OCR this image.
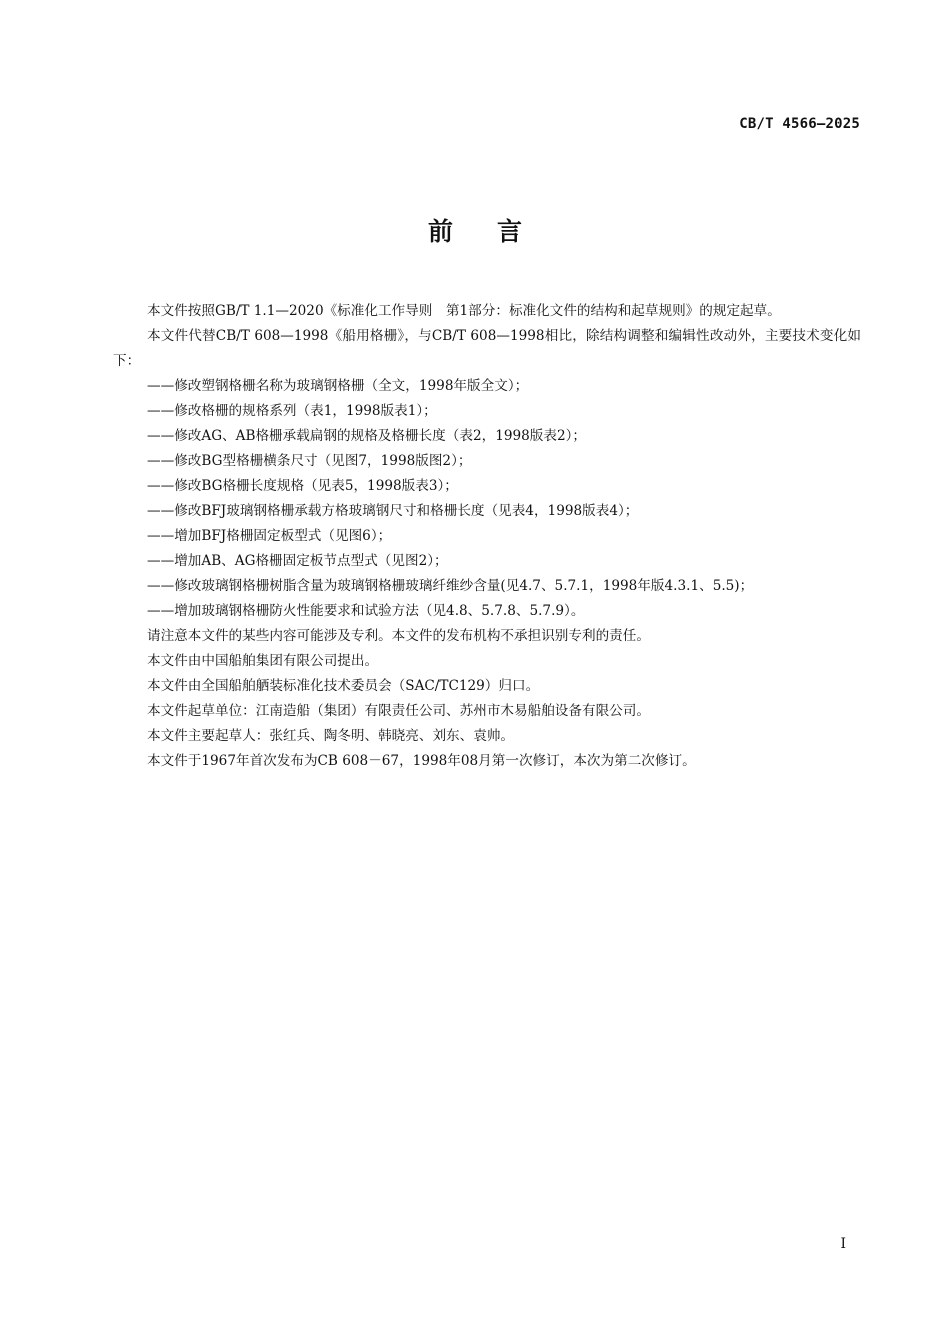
CB/T 4566—2025
前言

本文件按照GB/T 1.1—2020《标准化工作导则　第1部分：标准化文件的结构和起草规则》的规定起草。

本文件代替CB/T 608—1998《船用格栅》，与CB/T 608—1998相比，除结构调整和编辑性改动外，主要技术变化如下：

——修改塑钢格栅名称为玻璃钢格栅（全文，1998年版全文）；

——修改格栅的规格系列（表1，1998版表1）；

——修改AG、AB格栅承载扁钢的规格及格栅长度（表2，1998版表2）；

——修改BG型格栅横条尺寸（见图7，1998版图2）；

——修改BG格栅长度规格（见表5，1998版表3）；

——修改BFJ玻璃钢格栅承载方格玻璃钢尺寸和格栅长度（见表4，1998版表4）；

——增加BFJ格栅固定板型式（见图6）；

——增加AB、AG格栅固定板节点型式（见图2）；

——修改玻璃钢格栅树脂含量为玻璃钢格栅玻璃纤维纱含量(见4.7、5.7.1，1998年版4.3.1、5.5)；

——增加玻璃钢格栅防火性能要求和试验方法（见4.8、5.7.8、5.7.9）。

请注意本文件的某些内容可能涉及专利。本文件的发布机构不承担识别专利的责任。

本文件由中国船舶集团有限公司提出。

本文件由全国船舶舾装标准化技术委员会（SAC/TC129）归口。

本文件起草单位：江南造船（集团）有限责任公司、苏州市木易船舶设备有限公司。

本文件主要起草人：张红兵、陶冬明、韩晓亮、刘东、袁帅。

本文件于1967年首次发布为CB 608－67，1998年08月第一次修订，本次为第二次修订。

I
